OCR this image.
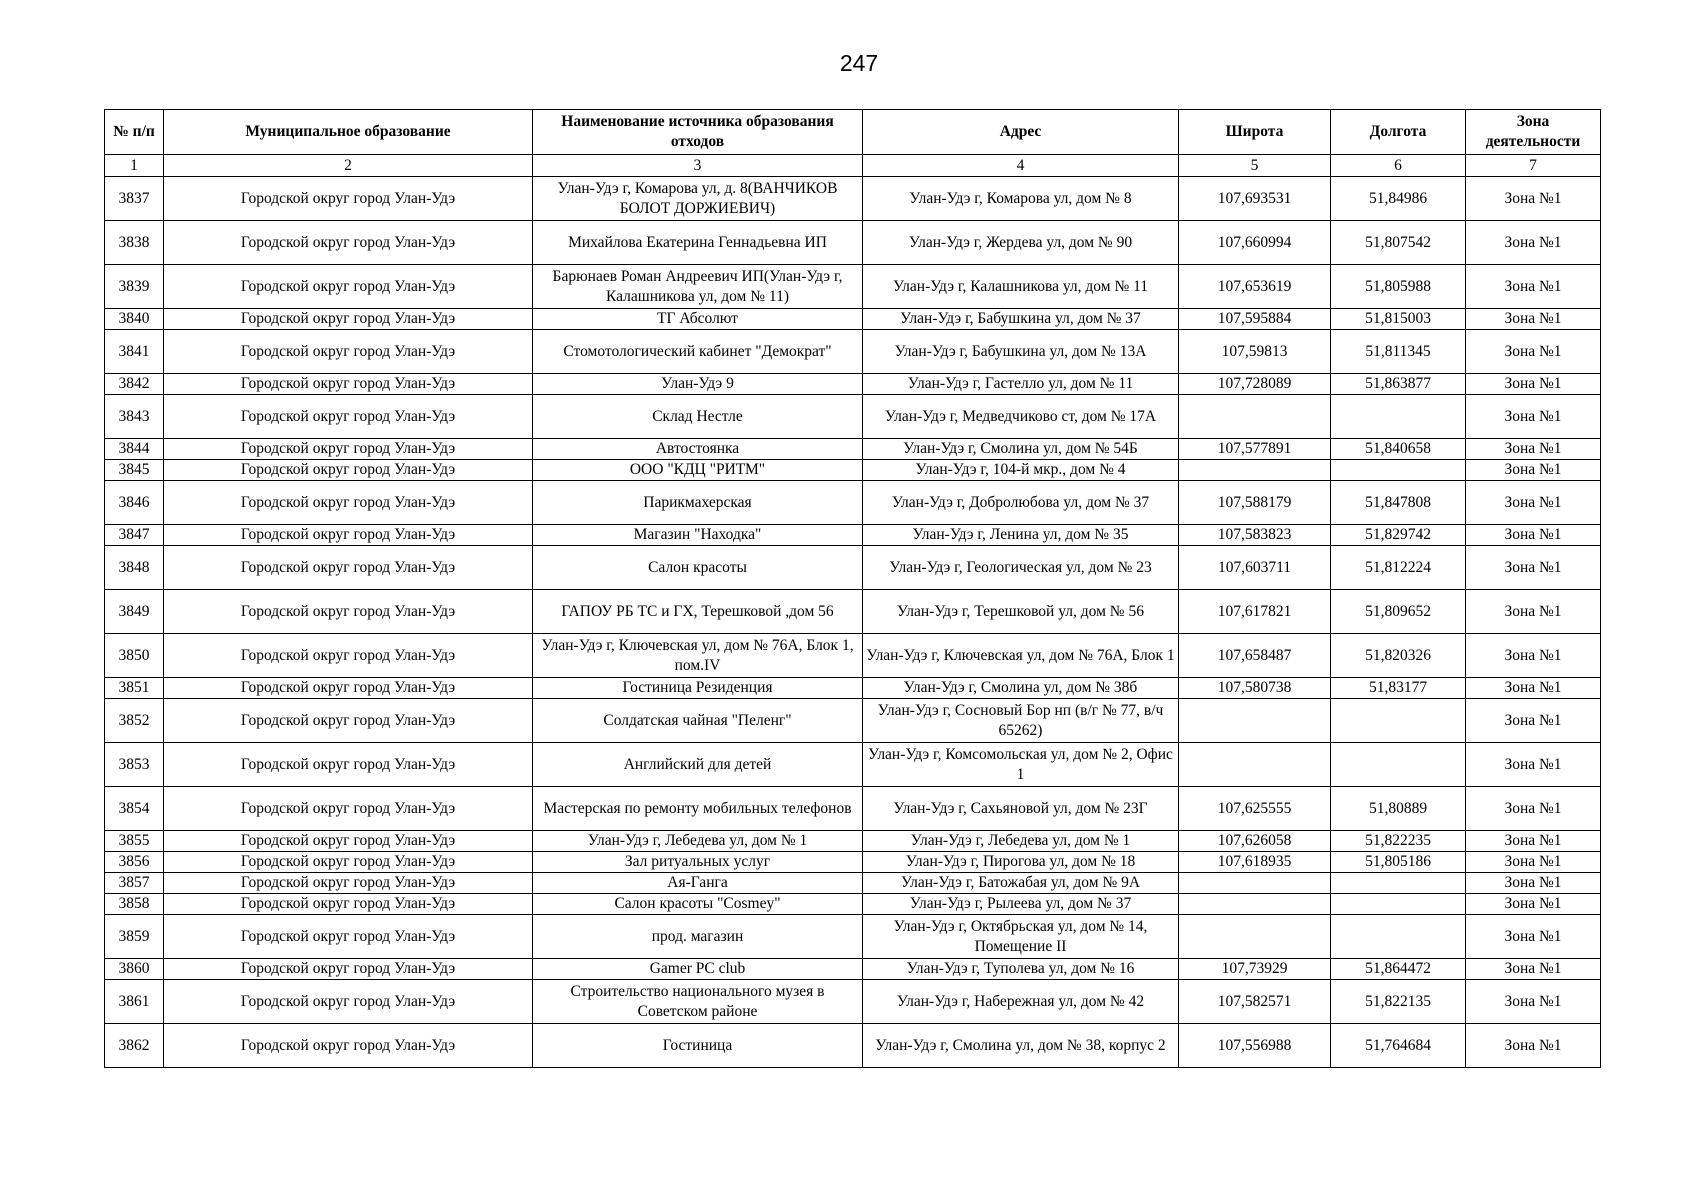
247
№ п/п	Муниципальное образование	Наименование источника образования отходов	Адрес	Широта	Долгота	Зона деятельности
1	2	3	4	5	6	7
3837	Городской округ город Улан-Удэ	Улан-Удэ г, Комарова ул, д. 8(ВАНЧИКОВ БОЛОТ ДОРЖИЕВИЧ)	Улан-Удэ г, Комарова ул, дом № 8	107,693531	51,84986	Зона №1
3838	Городской округ город Улан-Удэ	Михайлова Екатерина Геннадьевна ИП	Улан-Удэ г, Жердева ул, дом № 90	107,660994	51,807542	Зона №1
3839	Городской округ город Улан-Удэ	Барюнаев Роман Андреевич ИП(Улан-Удэ г, Калашникова ул, дом № 11)	Улан-Удэ г, Калашникова ул, дом № 11	107,653619	51,805988	Зона №1
3840	Городской округ город Улан-Удэ	ТГ Абсолют	Улан-Удэ г, Бабушкина ул, дом № 37	107,595884	51,815003	Зона №1
3841	Городской округ город Улан-Удэ	Стомотологический кабинет "Демократ"	Улан-Удэ г, Бабушкина ул, дом № 13А	107,59813	51,811345	Зона №1
3842	Городской округ город Улан-Удэ	Улан-Удэ 9	Улан-Удэ г, Гастелло ул, дом № 11	107,728089	51,863877	Зона №1
3843	Городской округ город Улан-Удэ	Склад Нестле	Улан-Удэ г, Медведчиково ст, дом № 17А			Зона №1
3844	Городской округ город Улан-Удэ	Автостоянка	Улан-Удэ г, Смолина ул, дом № 54Б	107,577891	51,840658	Зона №1
3845	Городской округ город Улан-Удэ	ООО "КДЦ "РИТМ"	Улан-Удэ г, 104-й мкр., дом № 4			Зона №1
3846	Городской округ город Улан-Удэ	Парикмахерская	Улан-Удэ г, Добролюбова ул, дом № 37	107,588179	51,847808	Зона №1
3847	Городской округ город Улан-Удэ	Магазин "Находка"	Улан-Удэ г, Ленина ул, дом № 35	107,583823	51,829742	Зона №1
3848	Городской округ город Улан-Удэ	Салон красоты	Улан-Удэ г, Геологическая ул, дом № 23	107,603711	51,812224	Зона №1
3849	Городской округ город Улан-Удэ	ГАПОУ РБ ТС и ГХ, Терешковой ,дом 56	Улан-Удэ г, Терешковой ул, дом № 56	107,617821	51,809652	Зона №1
3850	Городской округ город Улан-Удэ	Улан-Удэ г, Ключевская ул, дом № 76А, Блок 1, пом.IV	Улан-Удэ г, Ключевская ул, дом № 76А, Блок 1	107,658487	51,820326	Зона №1
3851	Городской округ город Улан-Удэ	Гостиница Резиденция	Улан-Удэ г, Смолина ул, дом № 38б	107,580738	51,83177	Зона №1
3852	Городской округ город Улан-Удэ	Солдатская чайная "Пеленг"	Улан-Удэ г, Сосновый Бор нп (в/г № 77, в/ч 65262)			Зона №1
3853	Городской округ город Улан-Удэ	Английский для детей	Улан-Удэ г, Комсомольская ул, дом № 2, Офис 1			Зона №1
3854	Городской округ город Улан-Удэ	Мастерская по ремонту мобильных телефонов	Улан-Удэ г, Сахьяновой ул, дом № 23Г	107,625555	51,80889	Зона №1
3855	Городской округ город Улан-Удэ	Улан-Удэ г, Лебедева ул, дом № 1	Улан-Удэ г, Лебедева ул, дом № 1	107,626058	51,822235	Зона №1
3856	Городской округ город Улан-Удэ	Зал ритуальных услуг	Улан-Удэ г, Пирогова ул, дом № 18	107,618935	51,805186	Зона №1
3857	Городской округ город Улан-Удэ	Ая-Ганга	Улан-Удэ г, Батожабая ул, дом № 9А			Зона №1
3858	Городской округ город Улан-Удэ	Салон красоты "Cosmey"	Улан-Удэ г, Рылеева ул, дом № 37			Зона №1
3859	Городской округ город Улан-Удэ	прод. магазин	Улан-Удэ г, Октябрьская ул, дом № 14, Помещение II			Зона №1
3860	Городской округ город Улан-Удэ	Gamer PC club	Улан-Удэ г, Туполева ул, дом № 16	107,73929	51,864472	Зона №1
3861	Городской округ город Улан-Удэ	Строительство национального музея в Советском районе	Улан-Удэ г, Набережная ул, дом № 42	107,582571	51,822135	Зона №1
3862	Городской округ город Улан-Удэ	Гостиница	Улан-Удэ г, Смолина ул, дом № 38, корпус 2	107,556988	51,764684	Зона №1
